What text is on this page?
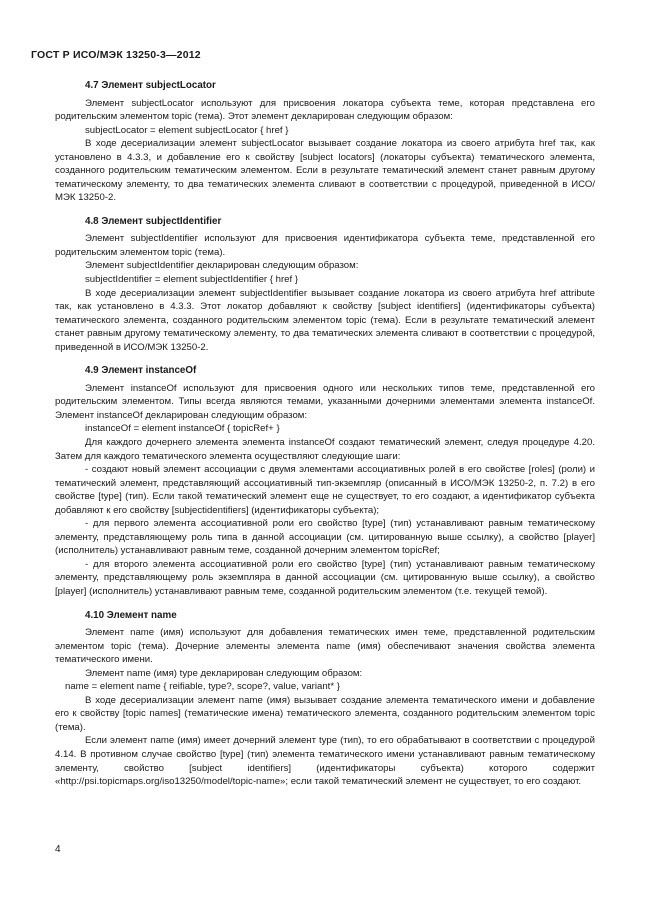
ГОСТ Р ИСО/МЭК 13250-3—2012
4.7 Элемент subjectLocator

Элемент subjectLocator используют для присвоения локатора субъекта теме, которая представлена его родительским элементом topic (тема). Этот элемент декларирован следующим образом:

subjectLocator = element subjectLocator { href }

В ходе десериализации элемент subjectLocator вызывает создание локатора из своего атрибута href так, как установлено в 4.3.3, и добавление его к свойству [subject locators] (локаторы субъекта) тематического элемента, созданного родительским тематическим элементом. Если в результате тематический элемент станет равным другому тематическому элементу, то два тематических элемента сливают в соответствии с процедурой, приведенной в ИСО/МЭК 13250-2.

4.8 Элемент subjectIdentifier

Элемент subjectIdentifier используют для присвоения идентификатора субъекта теме, представленной его родительским элементом topic (тема).

Элемент subjectIdentifier декларирован следующим образом:

subjectIdentifier = element subjectIdentifier { href }

В ходе десериализации элемент subjectIdentifier вызывает создание локатора из своего атрибута href attribute так, как установлено в 4.3.3. Этот локатор добавляют к свойству [subject identifiers] (идентификаторы субъекта) тематического элемента, созданного родительским элементом topic (тема). Если в результате тематический элемент станет равным другому тематическому элементу, то два тематических элемента сливают в соответствии с процедурой, приведенной в ИСО/МЭК 13250-2.

4.9 Элемент instanceOf

Элемент instanceOf используют для присвоения одного или нескольких типов теме, представленной его родительским элементом. Типы всегда являются темами, указанными дочерними элементами элемента instanceOf. Элемент instanceOf декларирован следующим образом:

instanceOf = element instanceOf { topicRef+ }

Для каждого дочернего элемента элемента instanceOf создают тематический элемент, следуя процедуре 4.20. Затем для каждого тематического элемента осуществляют следующие шаги:

- создают новый элемент ассоциации с двумя элементами ассоциативных ролей в его свойстве [roles] (роли) и тематический элемент, представляющий ассоциативный тип-экземпляр (описанный в ИСО/МЭК 13250-2, п. 7.2) в его свойстве [type] (тип). Если такой тематический элемент еще не существует, то его создают, а идентификатор субъекта добавляют к его свойству [subjectidentifiers] (идентификаторы субъекта);

- для первого элемента ассоциативной роли его свойство [type] (тип) устанавливают равным тематическому элементу, представляющему роль типа в данной ассоциации (см. цитированную выше ссылку), а свойство [player] (исполнитель) устанавливают равным теме, созданной дочерним элементом topicRef;

- для второго элемента ассоциативной роли его свойство [type] (тип) устанавливают равным тематическому элементу, представляющему роль экземпляра в данной ассоциации (см. цитированную выше ссылку), а свойство [player] (исполнитель) устанавливают равным теме, созданной родительским элементом (т.е. текущей темой).

4.10 Элемент name

Элемент name (имя) используют для добавления тематических имен теме, представленной родительским элементом topic (тема). Дочерние элементы элемента name (имя) обеспечивают значения свойства элемента тематического имени.

Элемент name (имя) type декларирован следующим образом:

name = element name { reifiable, type?, scope?, value, variant* }

В ходе десериализации элемент name (имя) вызывает создание элемента тематического имени и добавление его к свойству [topic names] (тематические имена) тематического элемента, созданного родительским элементом topic (тема).

Если элемент name (имя) имеет дочерний элемент type (тип), то его обрабатывают в соответствии с процедурой 4.14. В противном случае свойство [type] (тип) элемента тематического имени устанавливают равным тематическому элементу, свойство [subject identifiers] (идентификаторы субъекта) которого содержит «http://psi.topicmaps.org/iso13250/model/topic-name»; если такой тематический элемент не существует, то его создают.

4
